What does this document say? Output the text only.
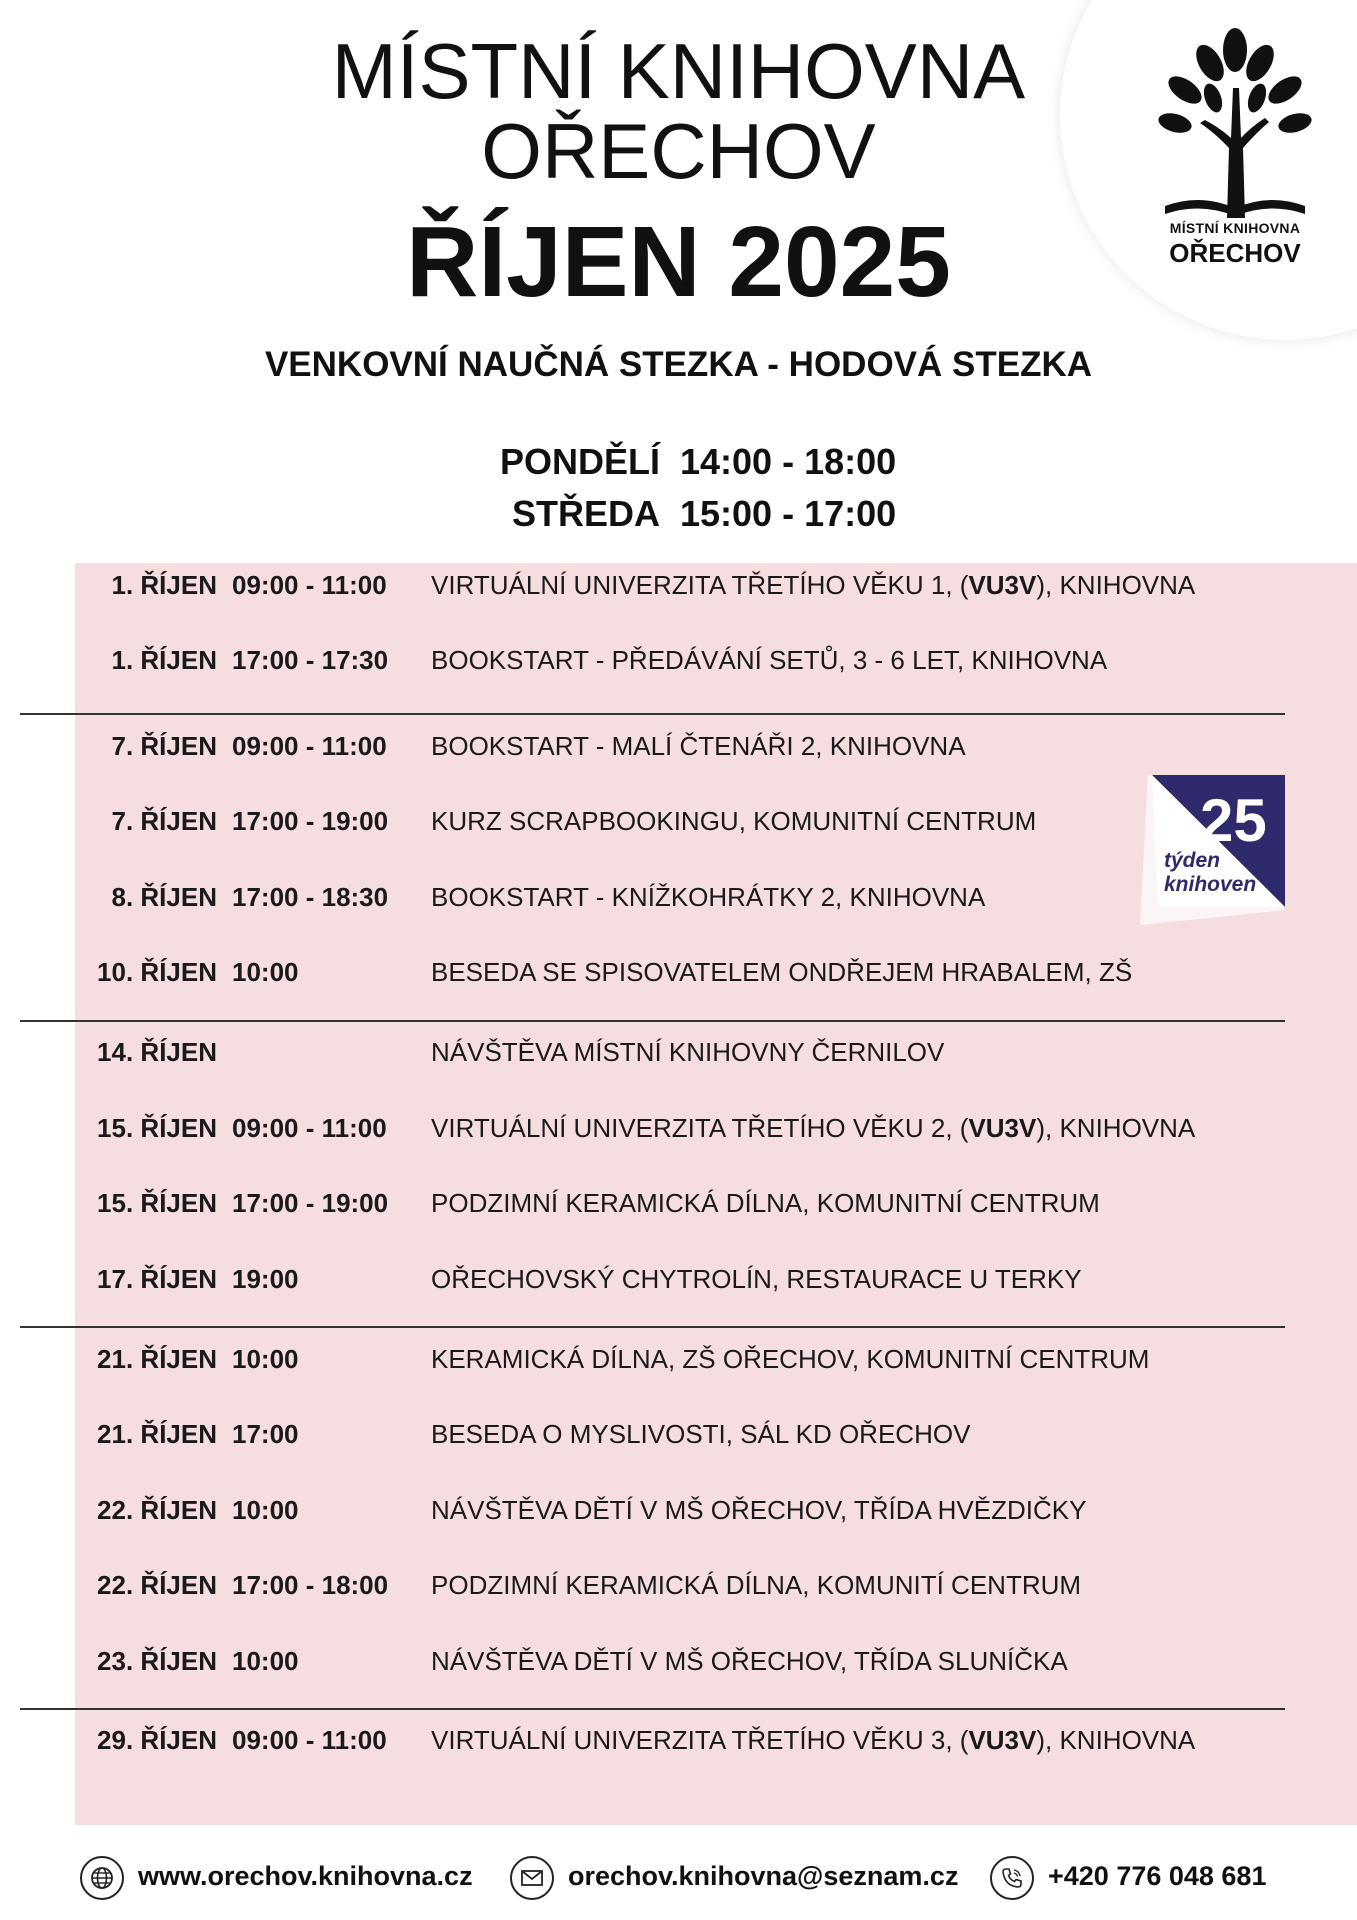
MÍSTNÍ KNIHOVNA
OŘECHOV
MÍSTNÍ KNIHOVNA
OŘECHOV
ŘÍJEN 2025
VENKOVNÍ NAUČNÁ STEZKA - HODOVÁ STEZKA
PONDĚLÍ 14:00 - 18:00
STŘEDA 15:00 - 17:00
1. ŘÍJEN 09:00 - 11:00 VIRTUÁLNÍ UNIVERZITA TŘETÍHO VĚKU 1, (VU3V), KNIHOVNA
1. ŘÍJEN 17:00 - 17:30 BOOKSTART - PŘEDÁVÁNÍ SETŮ, 3 - 6 LET, KNIHOVNA
7. ŘÍJEN 09:00 - 11:00 BOOKSTART - MALÍ ČTENÁŘI 2, KNIHOVNA
7. ŘÍJEN 17:00 - 19:00 KURZ SCRAPBOOKINGU, KOMUNITNÍ CENTRUM
8. ŘÍJEN 17:00 - 18:30 BOOKSTART - KNÍŽKOHRÁTKY 2, KNIHOVNA
10. ŘÍJEN 10:00	BESEDA SE SPISOVATELEM ONDŘEJEM HRABALEM, ZŠ
14. ŘÍJEN	NÁVŠTĚVA MÍSTNÍ KNIHOVNY ČERNILOV
15. ŘÍJEN 09:00 - 11:00 VIRTUÁLNÍ UNIVERZITA TŘETÍHO VĚKU 2, (VU3V), KNIHOVNA
15. ŘÍJEN 17:00 - 19:00 PODZIMNÍ KERAMICKÁ DÍLNA, KOMUNITNÍ CENTRUM
17. ŘÍJEN 19:00	OŘECHOVSKÝ CHYTROLÍN, RESTAURACE U TERKY
21. ŘÍJEN 10:00	KERAMICKÁ DÍLNA, ZŠ OŘECHOV, KOMUNITNÍ CENTRUM
21. ŘÍJEN 17:00	BESEDA O MYSLIVOSTI, SÁL KD OŘECHOV
22. ŘÍJEN 10:00	NÁVŠTĚVA DĚTÍ V MŠ OŘECHOV, TŘÍDA HVĚZDIČKY
22. ŘÍJEN 17:00 - 18:00 PODZIMNÍ KERAMICKÁ DÍLNA, KOMUNITÍ CENTRUM
23. ŘÍJEN 10:00	NÁVŠTĚVA DĚTÍ V MŠ OŘECHOV, TŘÍDA SLUNÍČKA
29. ŘÍJEN 09:00 - 11:00 VIRTUÁLNÍ UNIVERZITA TŘETÍHO VĚKU 3, (VU3V), KNIHOVNA
25
týden
knihoven
www.orechov.knihovna.cz	orechov.knihovna@seznam.cz	+420 776 048 681
